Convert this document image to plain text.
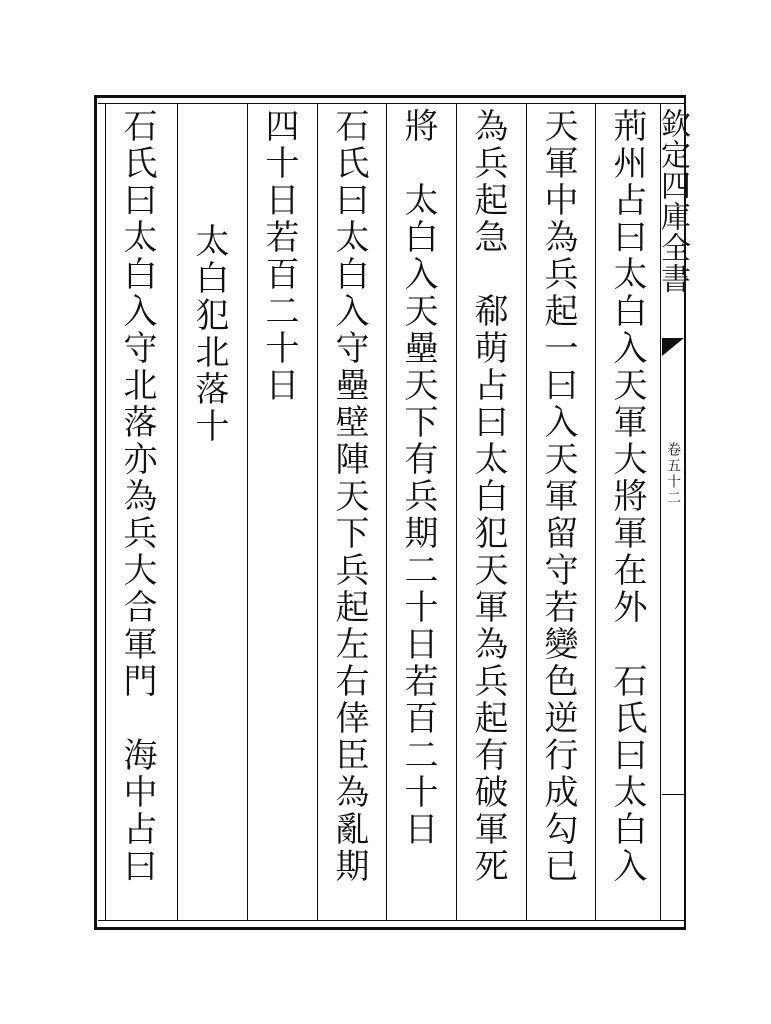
欽定四庫全書
卷五十二
荊州占曰太白入天軍大將軍在外　石氏曰太白入
天軍中為兵起一曰入天軍留守若變色逆行成勾已
為兵起急　郗萌占曰太白犯天軍為兵起有破軍死
將　太白入天壘天下有兵期二十日若百二十日
石氏曰太白入守壘壁陣天下兵起左右倖臣為亂期
四十日若百二十日
　太白犯北落十
石氏曰太白入守北落亦為兵大合軍門　海中占曰
